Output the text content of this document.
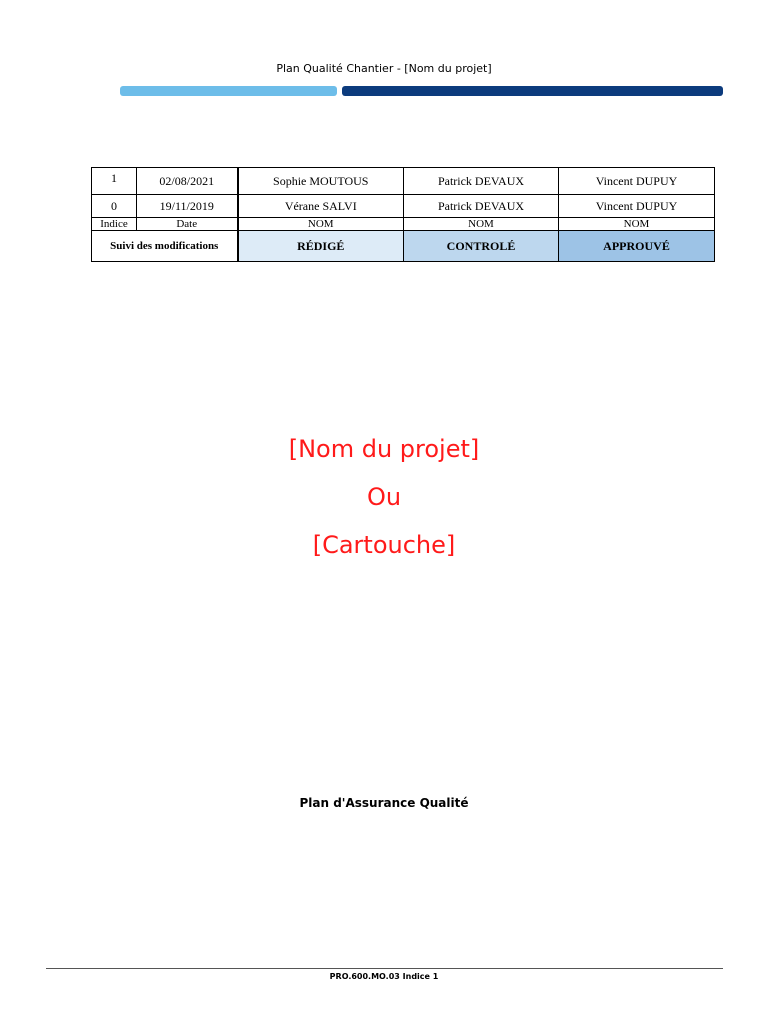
Plan Qualité Chantier - [Nom du projet]
1	02/08/2021	Sophie MOUTOUS	Patrick DEVAUX	Vincent DUPUY
0	19/11/2019	Vérane SALVI	Patrick DEVAUX	Vincent DUPUY
Indice	Date	NOM	NOM	NOM
Suivi des modifications		RÉDIGÉ	CONTROLÉ	APPROUVÉ
[Nom du projet]
Ou
[Cartouche]
Plan d'Assurance Qualité
PRO.600.MO.03 Indice 1
